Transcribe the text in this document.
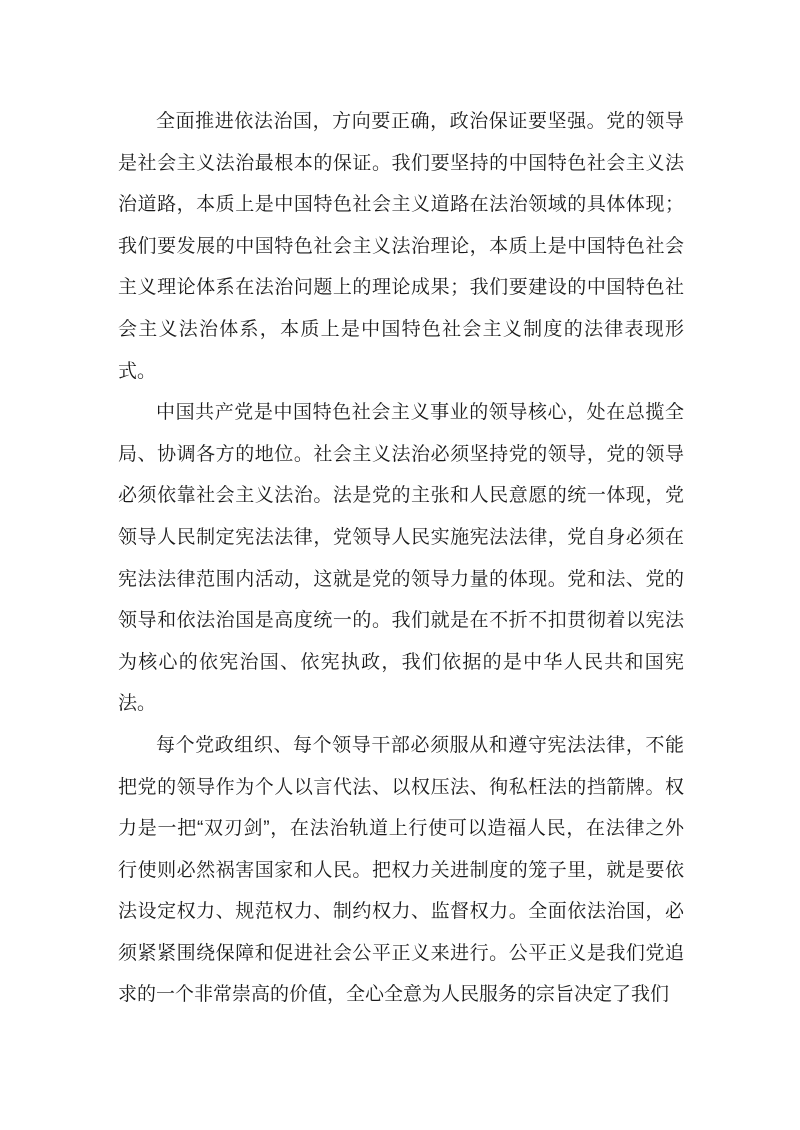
全面推进依法治国，方向要正确，政治保证要坚强。党的领导
是社会主义法治最根本的保证。我们要坚持的中国特色社会主义法
治道路，本质上是中国特色社会主义道路在法治领域的具体体现；
我们要发展的中国特色社会主义法治理论，本质上是中国特色社会
主义理论体系在法治问题上的理论成果；我们要建设的中国特色社
会主义法治体系，本质上是中国特色社会主义制度的法律表现形
式。
中国共产党是中国特色社会主义事业的领导核心，处在总揽全
局、协调各方的地位。社会主义法治必须坚持党的领导，党的领导
必须依靠社会主义法治。法是党的主张和人民意愿的统一体现，党
领导人民制定宪法法律，党领导人民实施宪法法律，党自身必须在
宪法法律范围内活动，这就是党的领导力量的体现。党和法、党的
领导和依法治国是高度统一的。我们就是在不折不扣贯彻着以宪法
为核心的依宪治国、依宪执政，我们依据的是中华人民共和国宪
法。
每个党政组织、每个领导干部必须服从和遵守宪法法律，不能
把党的领导作为个人以言代法、以权压法、徇私枉法的挡箭牌。权
力是一把“双刃剑”，在法治轨道上行使可以造福人民，在法律之外
行使则必然祸害国家和人民。把权力关进制度的笼子里，就是要依
法设定权力、规范权力、制约权力、监督权力。全面依法治国，必
须紧紧围绕保障和促进社会公平正义来进行。公平正义是我们党追
求的一个非常崇高的价值，全心全意为人民服务的宗旨决定了我们
